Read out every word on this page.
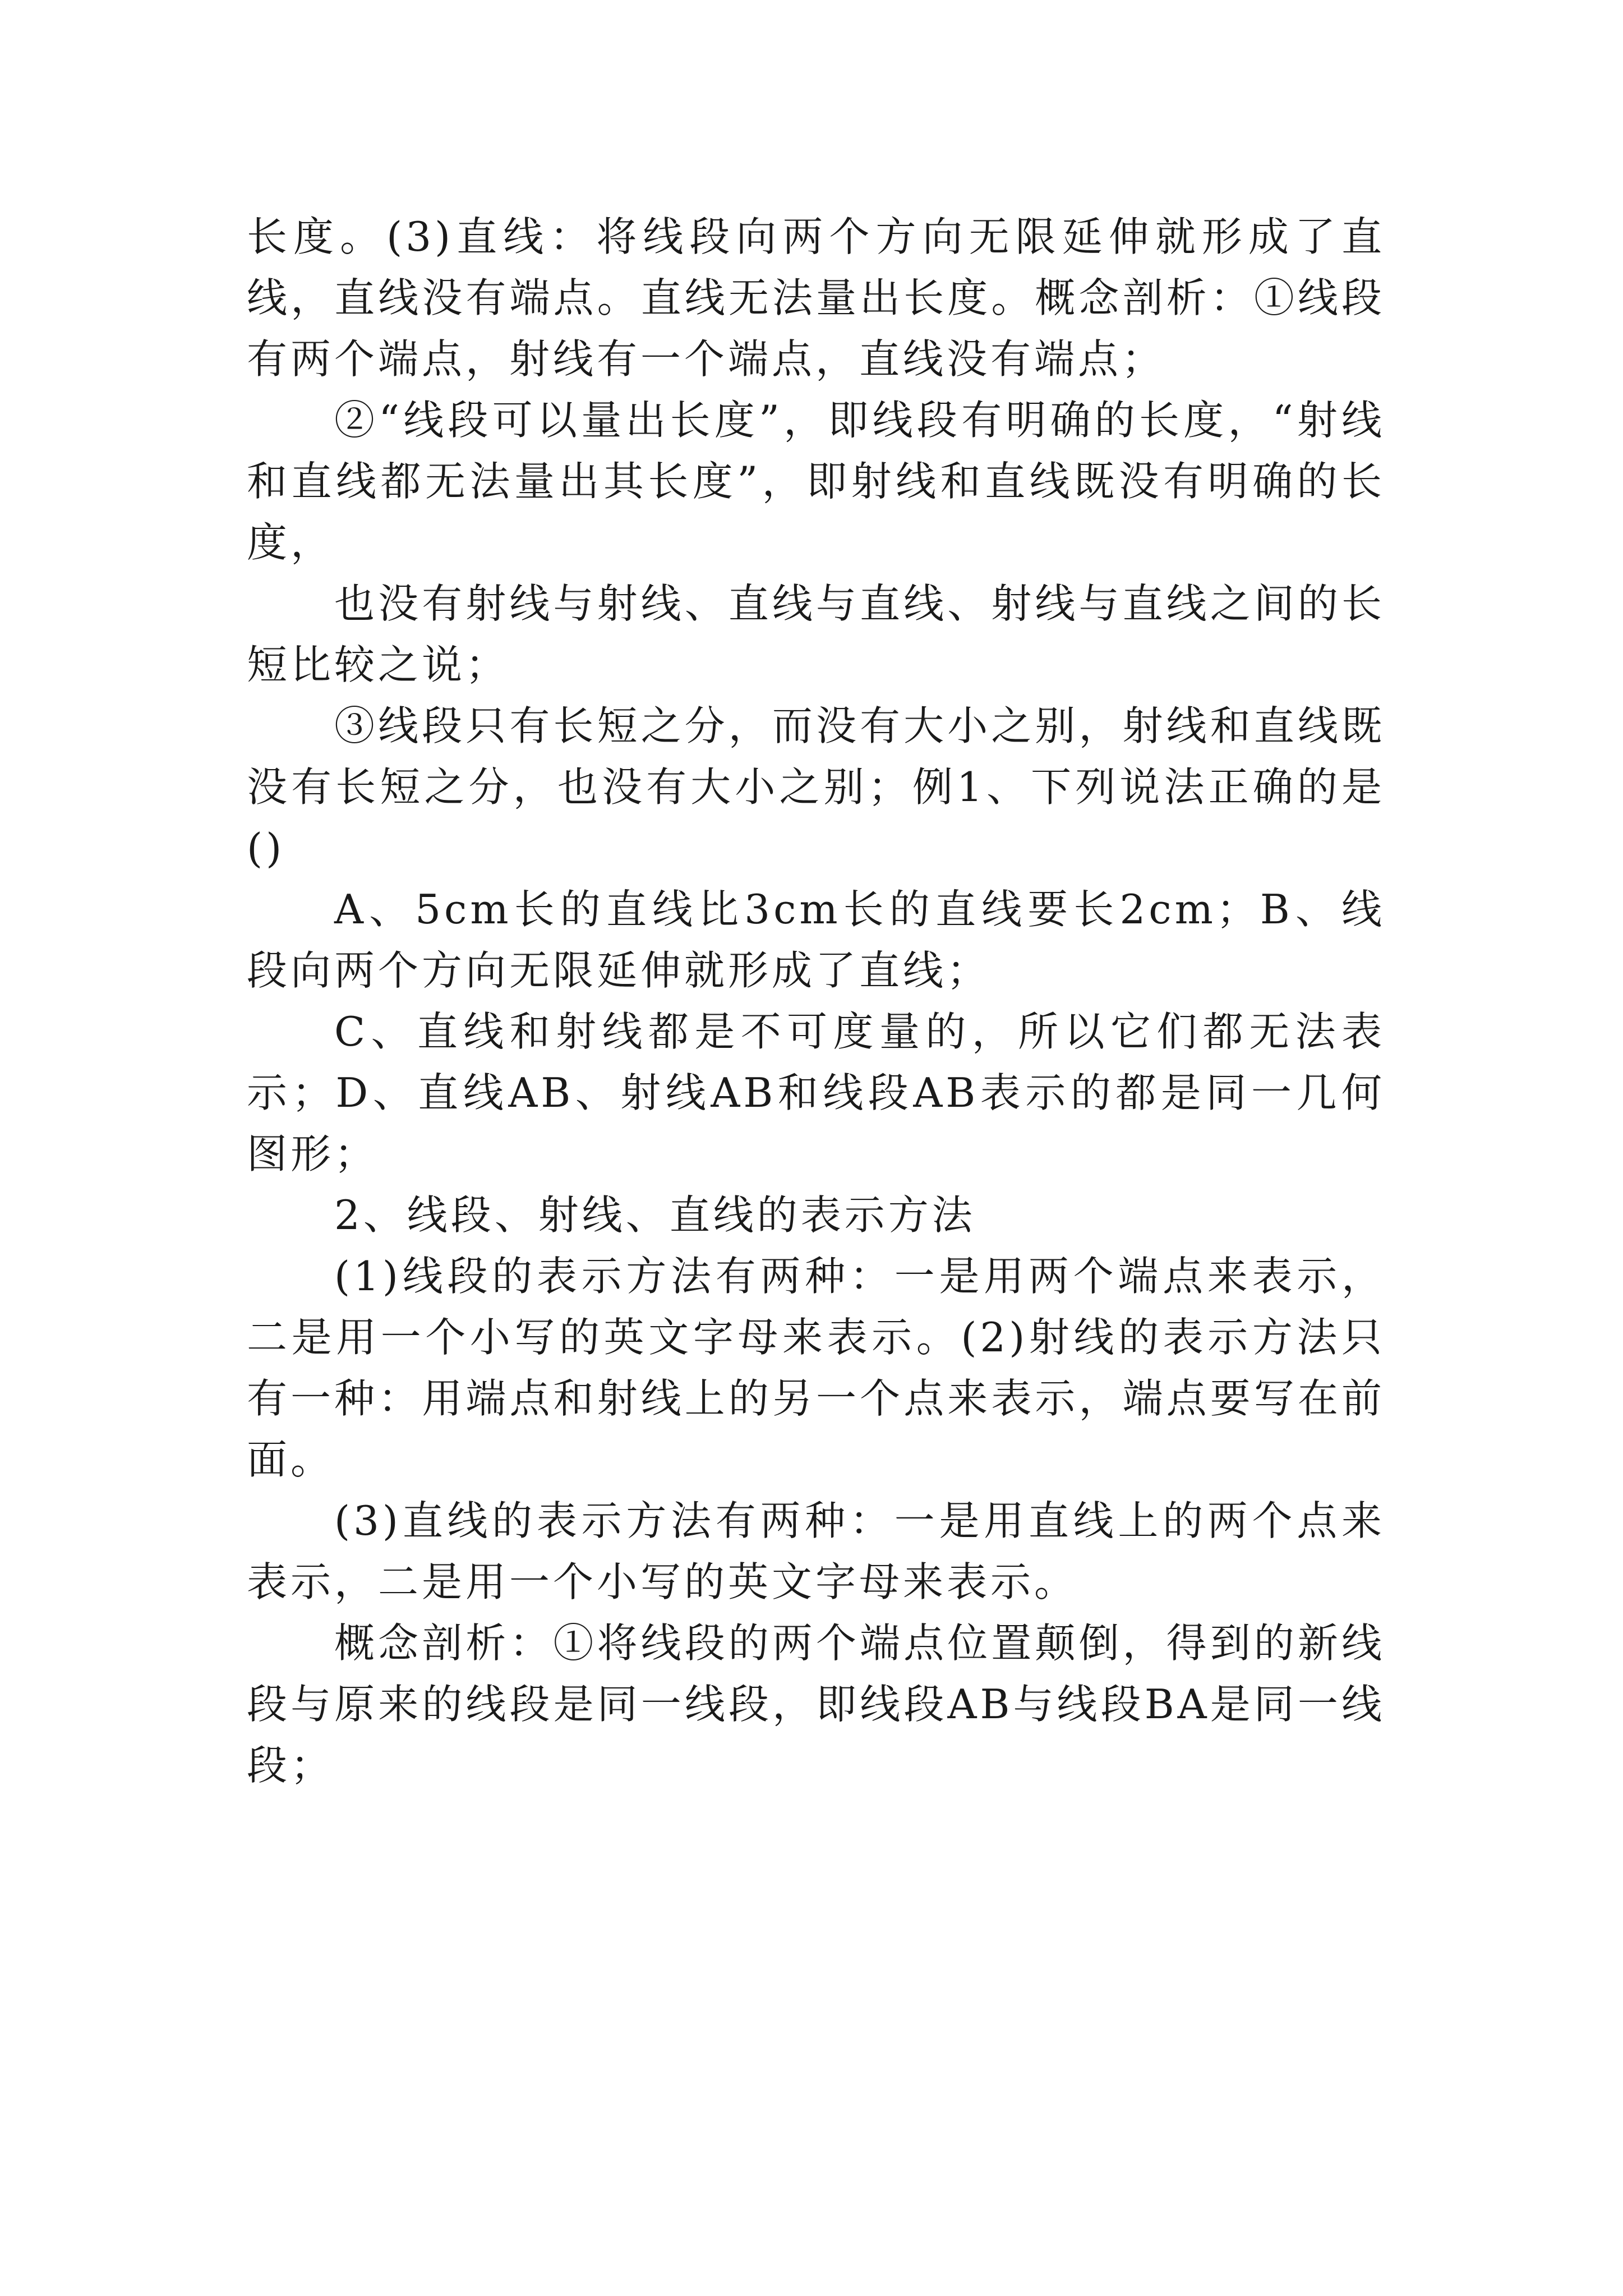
长度。(3)直线：将线段向两个方向无限延伸就形成了直线，直线没有端点。直线无法量出长度。概念剖析：①线段有两个端点，射线有一个端点，直线没有端点；

②“线段可以量出长度”，即线段有明确的长度，“射线和直线都无法量出其长度”，即射线和直线既没有明确的长度，

也没有射线与射线、直线与直线、射线与直线之间的长短比较之说；

③线段只有长短之分，而没有大小之别，射线和直线既没有长短之分，也没有大小之别；例1、下列说法正确的是()

A、5cm长的直线比3cm长的直线要长2cm；B、线段向两个方向无限延伸就形成了直线；

C、直线和射线都是不可度量的，所以它们都无法表示；D、直线AB、射线AB和线段AB表示的都是同一几何图形；

2、线段、射线、直线的表示方法

(1)线段的表示方法有两种：一是用两个端点来表示，二是用一个小写的英文字母来表示。(2)射线的表示方法只有一种：用端点和射线上的另一个点来表示，端点要写在前面。

(3)直线的表示方法有两种：一是用直线上的两个点来表示，二是用一个小写的英文字母来表示。

概念剖析：①将线段的两个端点位置颠倒，得到的新线段与原来的线段是同一线段，即线段AB与线段BA是同一线段；
